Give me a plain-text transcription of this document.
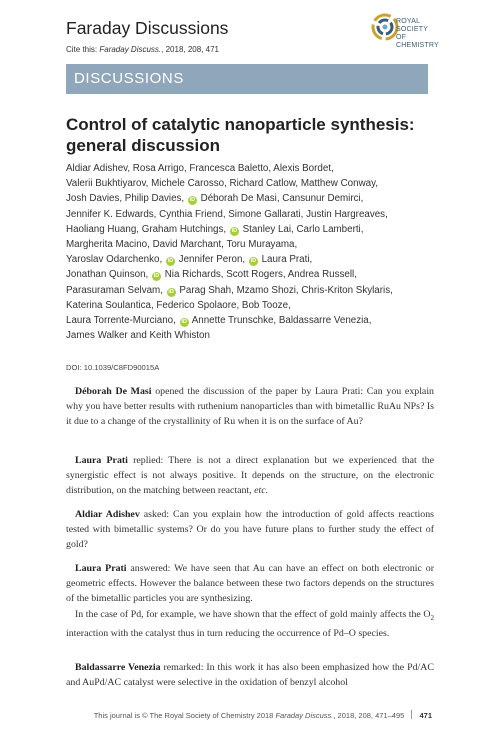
Faraday Discussions
Cite this: Faraday Discuss., 2018, 208, 471
ROYAL SOCIETY
OF CHEMISTRY
DISCUSSIONS
Control of catalytic nanoparticle synthesis:
general discussion
Aldiar Adishev, Rosa Arrigo, Francesca Baletto, Alexis Bordet,
Valerii Bukhtiyarov, Michele Carosso, Richard Catlow, Matthew Conway,
Josh Davies, Philip Davies, iD Déborah De Masi, Cansunur Demirci,
Jennifer K. Edwards, Cynthia Friend, Simone Gallarati, Justin Hargreaves,
Haoliang Huang, Graham Hutchings, iD Stanley Lai, Carlo Lamberti,
Margherita Macino, David Marchant, Toru Murayama,
Yaroslav Odarchenko, iD Jennifer Peron, iD Laura Prati,
Jonathan Quinson, iD Nia Richards, Scott Rogers, Andrea Russell,
Parasuraman Selvam, iD Parag Shah, Mzamo Shozi, Chris-Kriton Skylaris,
Katerina Soulantica, Federico Spolaore, Bob Tooze,
Laura Torrente-Murciano, iD Annette Trunschke, Baldassarre Venezia,
James Walker and Keith Whiston
DOI: 10.1039/C8FD90015A

Déborah De Masi opened the discussion of the paper by Laura Prati: Can you explain why you have better results with ruthenium nanoparticles than with bimetallic RuAu NPs? Is it due to a change of the crystallinity of Ru when it is on the surface of Au?

Laura Prati replied: There is not a direct explanation but we experienced that the synergistic effect is not always positive. It depends on the structure, on the electronic distribution, on the matching between reactant, etc.

Aldiar Adishev asked: Can you explain how the introduction of gold affects reactions tested with bimetallic systems? Or do you have future plans to further study the effect of gold?

Laura Prati answered: We have seen that Au can have an effect on both electronic or geometric effects. However the balance between these two factors depends on the structures of the bimetallic particles you are synthesizing.

In the case of Pd, for example, we have shown that the effect of gold mainly affects the $O_2$ interaction with the catalyst thus in turn reducing the occurrence of Pd–O species.

Baldassarre Venezia remarked: In this work it has also been emphasized how the Pd/AC and AuPd/AC catalyst were selective in the oxidation of benzyl alcohol

This journal is © The Royal Society of Chemistry 2018 Faraday Discuss., 2018, 208, 471–495 471
